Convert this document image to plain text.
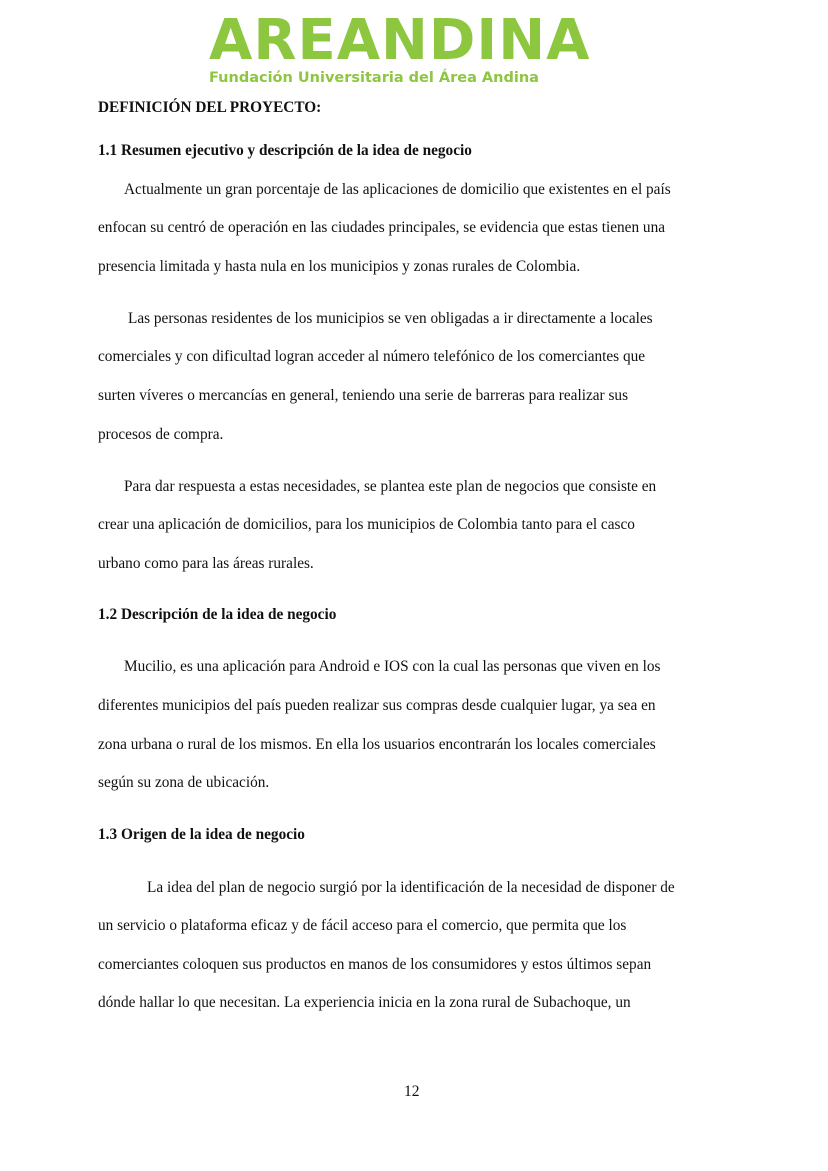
AREANDINA
Fundación Universitaria del Área Andina
DEFINICIÓN DEL PROYECTO:
1.1 Resumen ejecutivo y descripción de la idea de negocio
Actualmente un gran porcentaje de las aplicaciones de domicilio que existentes en el país
enfocan su centró de operación en las ciudades principales, se evidencia que estas tienen una
presencia limitada y hasta nula en los municipios y zonas rurales de Colombia.
Las personas residentes de los municipios se ven obligadas a ir directamente a locales
comerciales y con dificultad logran acceder al número telefónico de los comerciantes que
surten víveres o mercancías en general, teniendo una serie de barreras para realizar sus
procesos de compra.
Para dar respuesta a estas necesidades, se plantea este plan de negocios que consiste en
crear una aplicación de domicilios, para los municipios de Colombia tanto para el casco
urbano como para las áreas rurales.
1.2 Descripción de la idea de negocio
Mucilio, es una aplicación para Android e IOS con la cual las personas que viven en los
diferentes municipios del país pueden realizar sus compras desde cualquier lugar, ya sea en
zona urbana o rural de los mismos. En ella los usuarios encontrarán los locales comerciales
según su zona de ubicación.
1.3 Origen de la idea de negocio
La idea del plan de negocio surgió por la identificación de la necesidad de disponer de
un servicio o plataforma eficaz y de fácil acceso para el comercio, que permita que los
comerciantes coloquen sus productos en manos de los consumidores y estos últimos sepan
dónde hallar lo que necesitan. La experiencia inicia en la zona rural de Subachoque, un
12
